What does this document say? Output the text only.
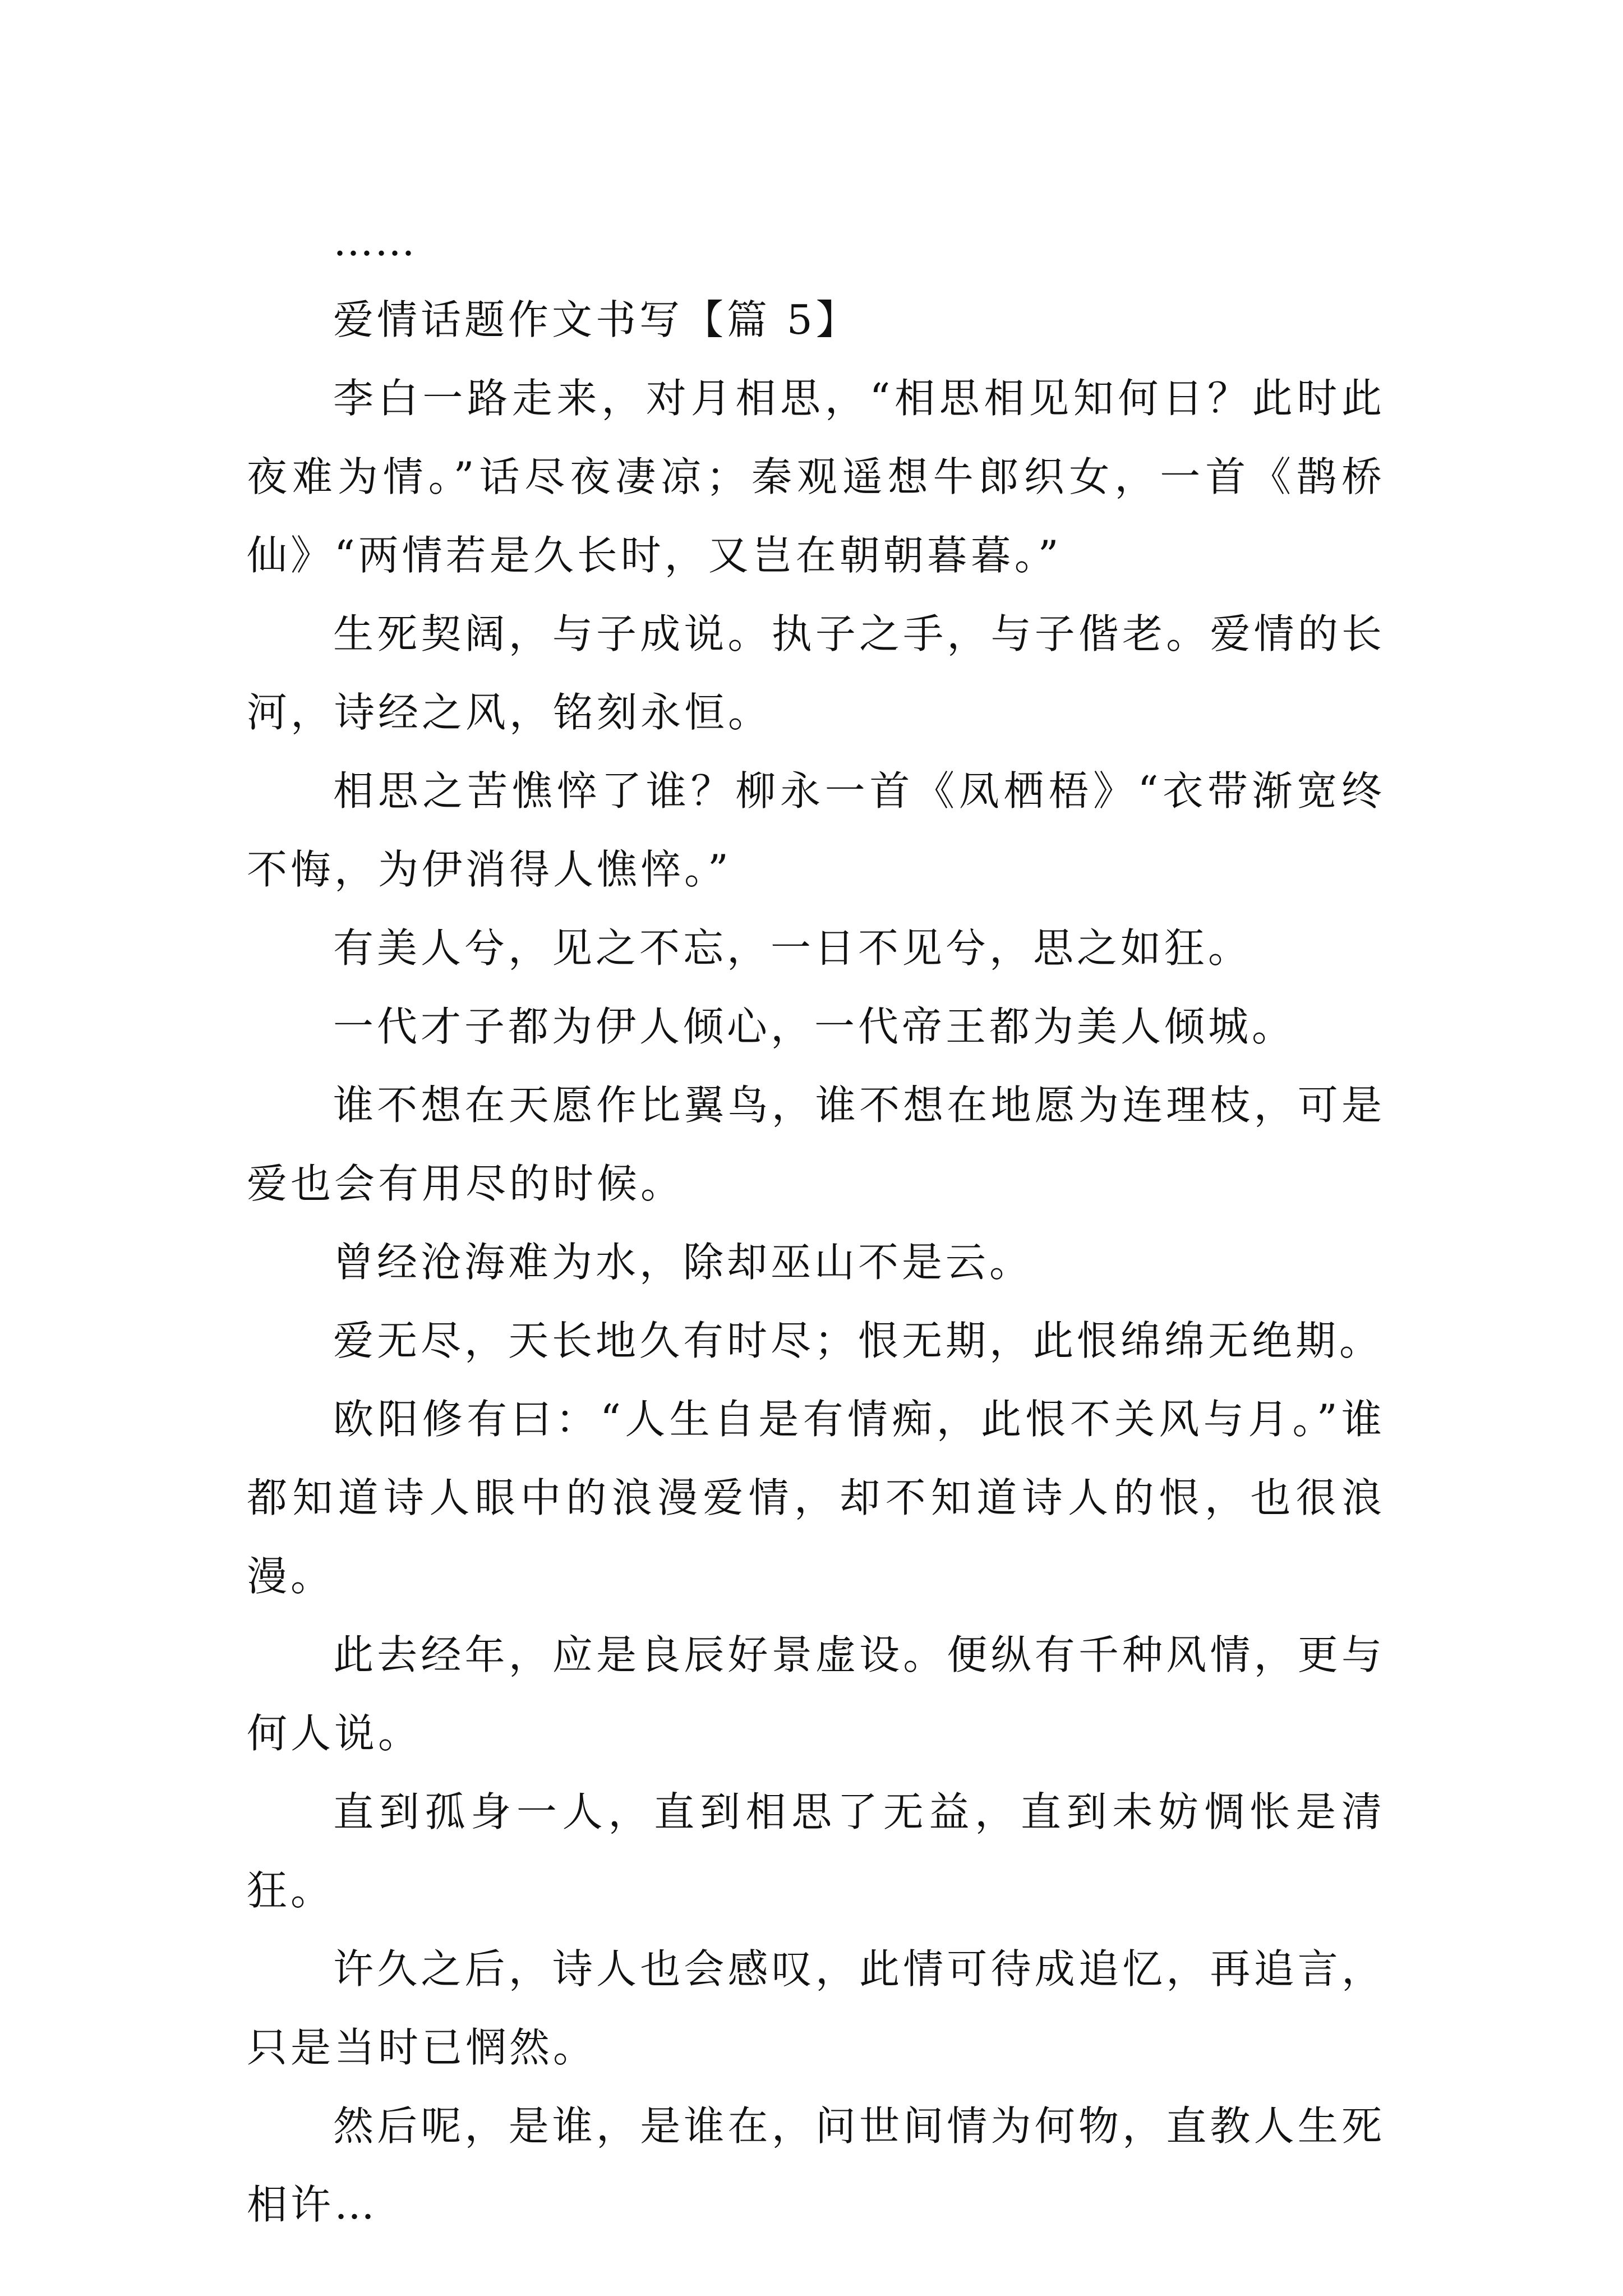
……

爱情话题作文书写【篇 5】

李白一路走来，对月相思，“相思相见知何日？此时此夜难为情。”话尽夜凄凉；秦观遥想牛郎织女，一首《鹊桥仙》“两情若是久长时，又岂在朝朝暮暮。”

生死契阔，与子成说。执子之手，与子偕老。爱情的长河，诗经之风，铭刻永恒。

相思之苦憔悴了谁？柳永一首《凤栖梧》“衣带渐宽终不悔，为伊消得人憔悴。”

有美人兮，见之不忘，一日不见兮，思之如狂。

一代才子都为伊人倾心，一代帝王都为美人倾城。

谁不想在天愿作比翼鸟，谁不想在地愿为连理枝，可是爱也会有用尽的时候。

曾经沧海难为水，除却巫山不是云。

爱无尽，天长地久有时尽；恨无期，此恨绵绵无绝期。

欧阳修有曰：“人生自是有情痴，此恨不关风与月。”谁都知道诗人眼中的浪漫爱情，却不知道诗人的恨，也很浪漫。

此去经年，应是良辰好景虚设。便纵有千种风情，更与何人说。

直到孤身一人，直到相思了无益，直到未妨惆怅是清狂。

许久之后，诗人也会感叹，此情可待成追忆，再追言，只是当时已惘然。

然后呢，是谁，是谁在，问世间情为何物，直教人生死相许…
